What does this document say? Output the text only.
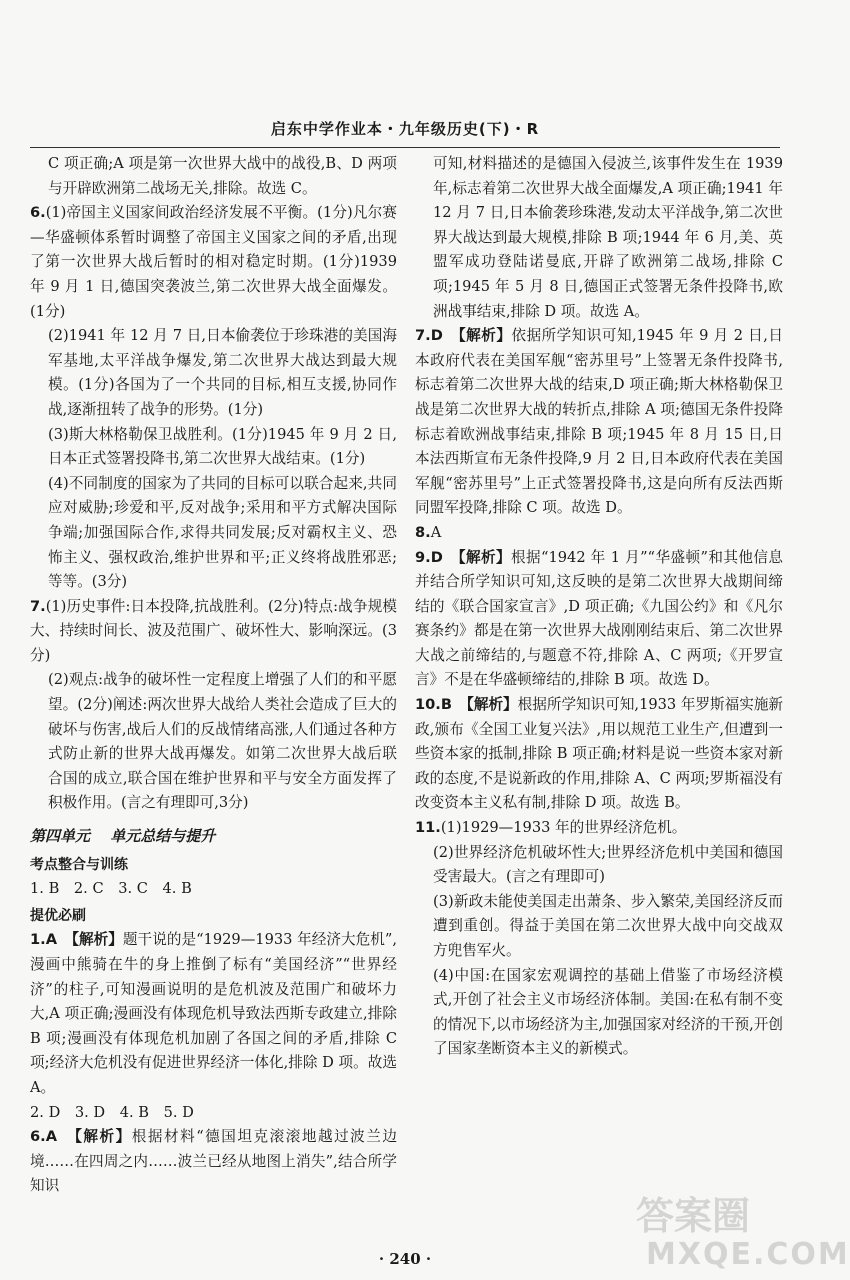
启东中学作业本・九年级历史(下)・R

C 项正确;A 项是第一次世界大战中的战役,B、D 两项与开辟欧洲第二战场无关,排除。故选 C。

6.(1)帝国主义国家间政治经济发展不平衡。(1分)凡尔赛—华盛顿体系暂时调整了帝国主义国家之间的矛盾,出现了第一次世界大战后暂时的相对稳定时期。(1分)1939 年 9 月 1 日,德国突袭波兰,第二次世界大战全面爆发。(1分)

(2)1941 年 12 月 7 日,日本偷袭位于珍珠港的美国海军基地,太平洋战争爆发,第二次世界大战达到最大规模。(1分)各国为了一个共同的目标,相互支援,协同作战,逐渐扭转了战争的形势。(1分)

(3)斯大林格勒保卫战胜利。(1分)1945 年 9 月 2 日,日本正式签署投降书,第二次世界大战结束。(1分)

(4)不同制度的国家为了共同的目标可以联合起来,共同应对威胁;珍爱和平,反对战争;采用和平方式解决国际争端;加强国际合作,求得共同发展;反对霸权主义、恐怖主义、强权政治,维护世界和平;正义终将战胜邪恶;等等。(3分)

7.(1)历史事件:日本投降,抗战胜利。(2分)特点:战争规模大、持续时间长、波及范围广、破坏性大、影响深远。(3分)

(2)观点:战争的破坏性一定程度上增强了人们的和平愿望。(2分)阐述:两次世界大战给人类社会造成了巨大的破坏与伤害,战后人们的反战情绪高涨,人们通过各种方式防止新的世界大战再爆发。如第二次世界大战后联合国的成立,联合国在维护世界和平与安全方面发挥了积极作用。(言之有理即可,3分)

第四单元　 单元总结与提升
考点整合与训练

1. B　2. C　3. C　4. B

提优必刷

1.A　【解析】题干说的是“1929—1933 年经济大危机”,漫画中熊骑在牛的身上推倒了标有“美国经济”“世界经济”的柱子,可知漫画说明的是危机波及范围广和破坏力大,A 项正确;漫画没有体现危机导致法西斯专政建立,排除 B 项;漫画没有体现危机加剧了各国之间的矛盾,排除 C 项;经济大危机没有促进世界经济一体化,排除 D 项。故选 A。

2. D　3. D　4. B　5. D

6.A　【解析】根据材料“德国坦克滚滚地越过波兰边境……在四周之内……波兰已经从地图上消失”,结合所学知识

可知,材料描述的是德国入侵波兰,该事件发生在 1939 年,标志着第二次世界大战全面爆发,A 项正确;1941 年 12 月 7 日,日本偷袭珍珠港,发动太平洋战争,第二次世界大战达到最大规模,排除 B 项;1944 年 6 月,美、英盟军成功登陆诺曼底,开辟了欧洲第二战场,排除 C 项;1945 年 5 月 8 日,德国正式签署无条件投降书,欧洲战事结束,排除 D 项。故选 A。

7.D　【解析】依据所学知识可知,1945 年 9 月 2 日,日本政府代表在美国军舰“密苏里号”上签署无条件投降书,标志着第二次世界大战的结束,D 项正确;斯大林格勒保卫战是第二次世界大战的转折点,排除 A 项;德国无条件投降标志着欧洲战事结束,排除 B 项;1945 年 8 月 15 日,日本法西斯宣布无条件投降,9 月 2 日,日本政府代表在美国军舰“密苏里号”上正式签署投降书,这是向所有反法西斯同盟军投降,排除 C 项。故选 D。

8.A

9.D　【解析】根据“1942 年 1 月”“华盛顿”和其他信息并结合所学知识可知,这反映的是第二次世界大战期间缔结的《联合国家宣言》,D 项正确;《九国公约》和《凡尔赛条约》都是在第一次世界大战刚刚结束后、第二次世界大战之前缔结的,与题意不符,排除 A、C 两项;《开罗宣言》不是在华盛顿缔结的,排除 B 项。故选 D。

10.B　【解析】根据所学知识可知,1933 年罗斯福实施新政,颁布《全国工业复兴法》,用以规范工业生产,但遭到一些资本家的抵制,排除 B 项正确;材料是说一些资本家对新政的态度,不是说新政的作用,排除 A、C 两项;罗斯福没有改变资本主义私有制,排除 D 项。故选 B。

11.(1)1929—1933 年的世界经济危机。

(2)世界经济危机破坏性大;世界经济危机中美国和德国受害最大。(言之有理即可)

(3)新政未能使美国走出萧条、步入繁荣,美国经济反而遭到重创。得益于美国在第二次世界大战中向交战双方兜售军火。

(4)中国:在国家宏观调控的基础上借鉴了市场经济模式,开创了社会主义市场经济体制。美国:在私有制不变的情况下,以市场经济为主,加强国家对经济的干预,开创了国家垄断资本主义的新模式。

· 240 ·
答案圈
MXQE.COM
